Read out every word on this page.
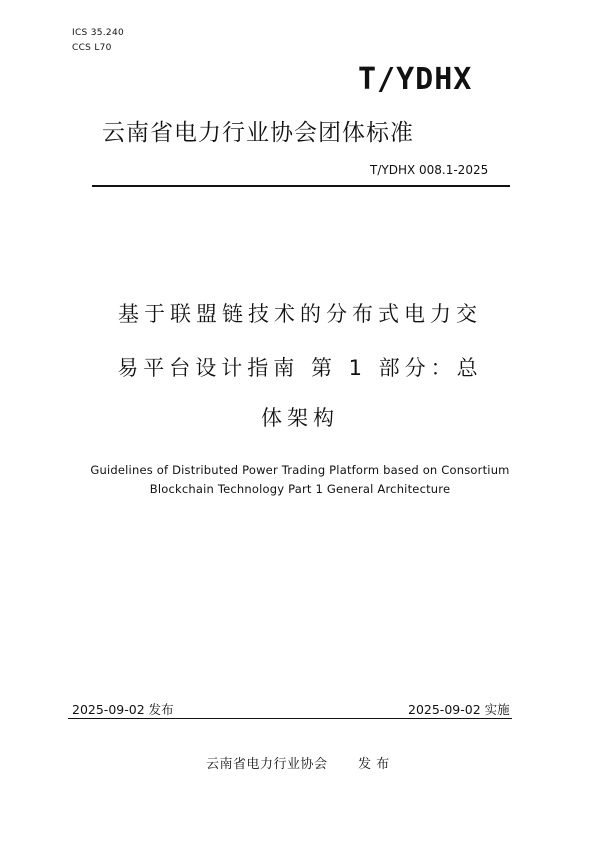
ICS 35.240
CCS L70
T/YDHX
云南省电力行业协会团体标准
T/YDHX 008.1-2025
基于联盟链技术的分布式电力交
易平台设计指南 第 1 部分：总
体架构
Guidelines of Distributed Power Trading Platform based on Consortium
Blockchain Technology Part 1 General Architecture
2025-09-02 发布	2025-09-02 实施
云南省电力行业协会 发 布
